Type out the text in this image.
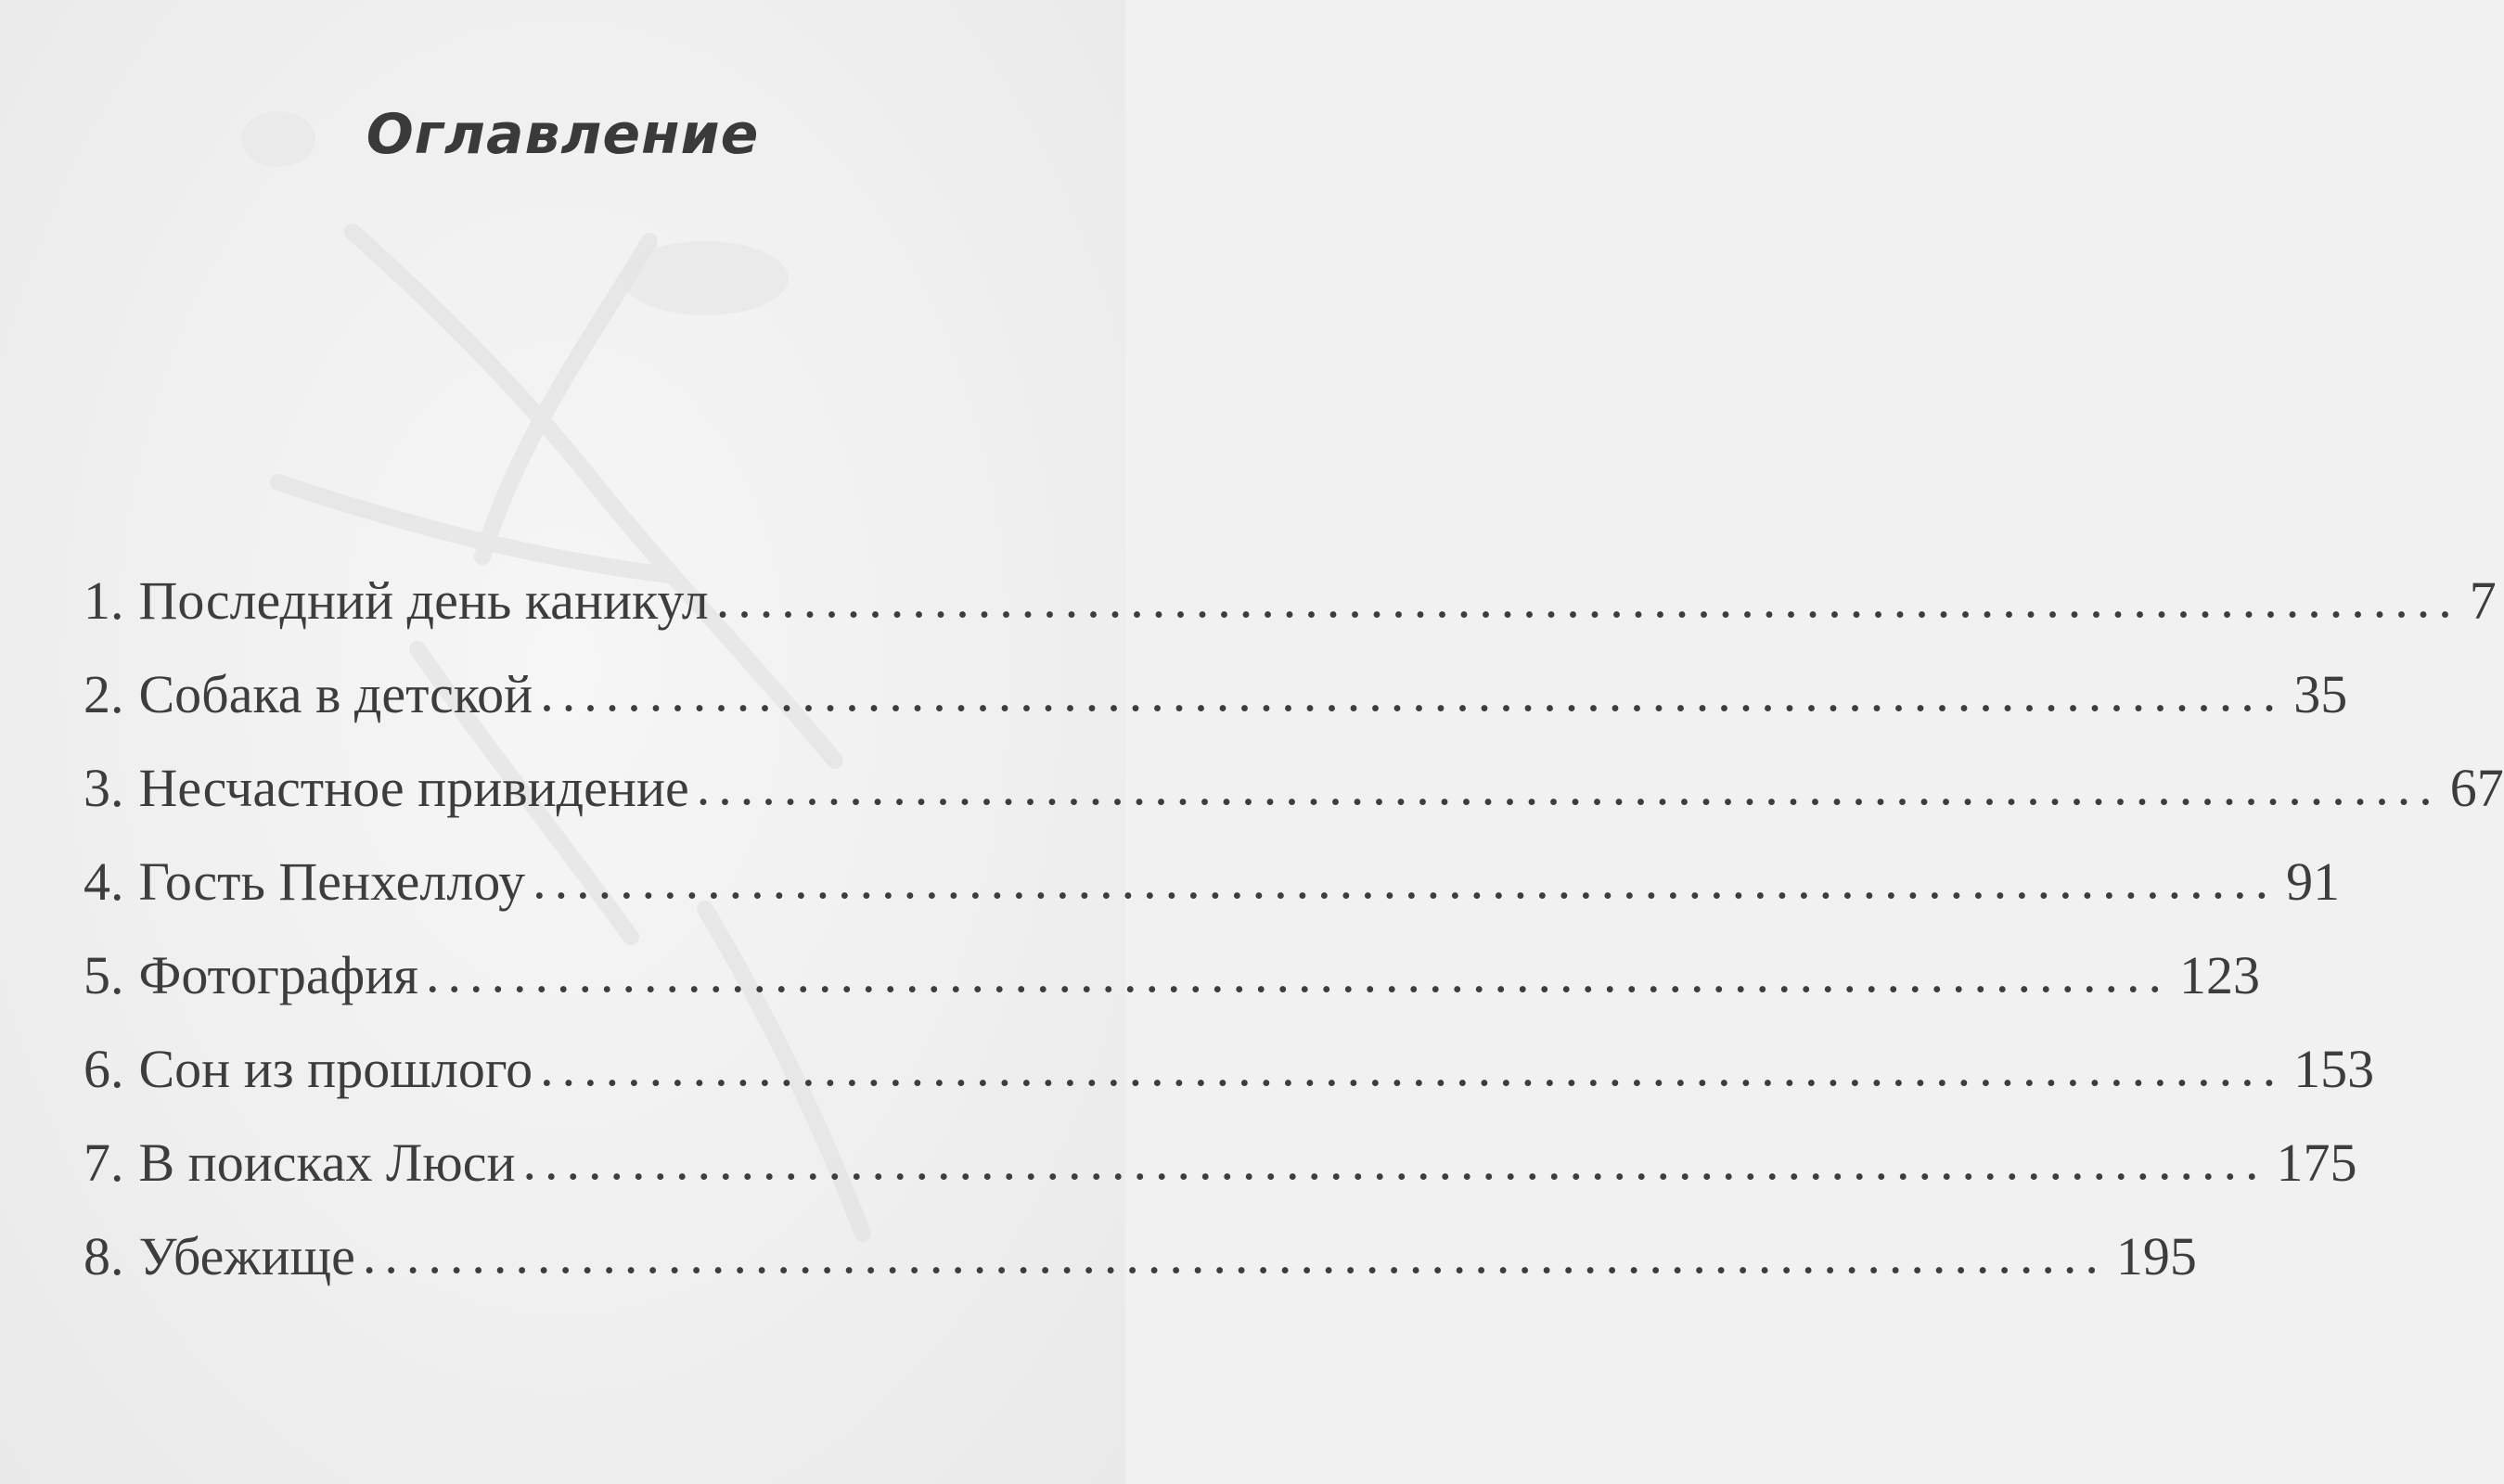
Оглавление
1. Последний день каникул ................................................................................ 7
2. Собака в детской ................................................................................ 35
3. Несчастное привидение ................................................................................ 67
4. Гость Пенхеллоу ................................................................................ 91
5. Фотография ................................................................................ 123
6. Сон из прошлого ................................................................................ 153
7. В поисках Люси ................................................................................ 175
8. Убежище ................................................................................ 195
